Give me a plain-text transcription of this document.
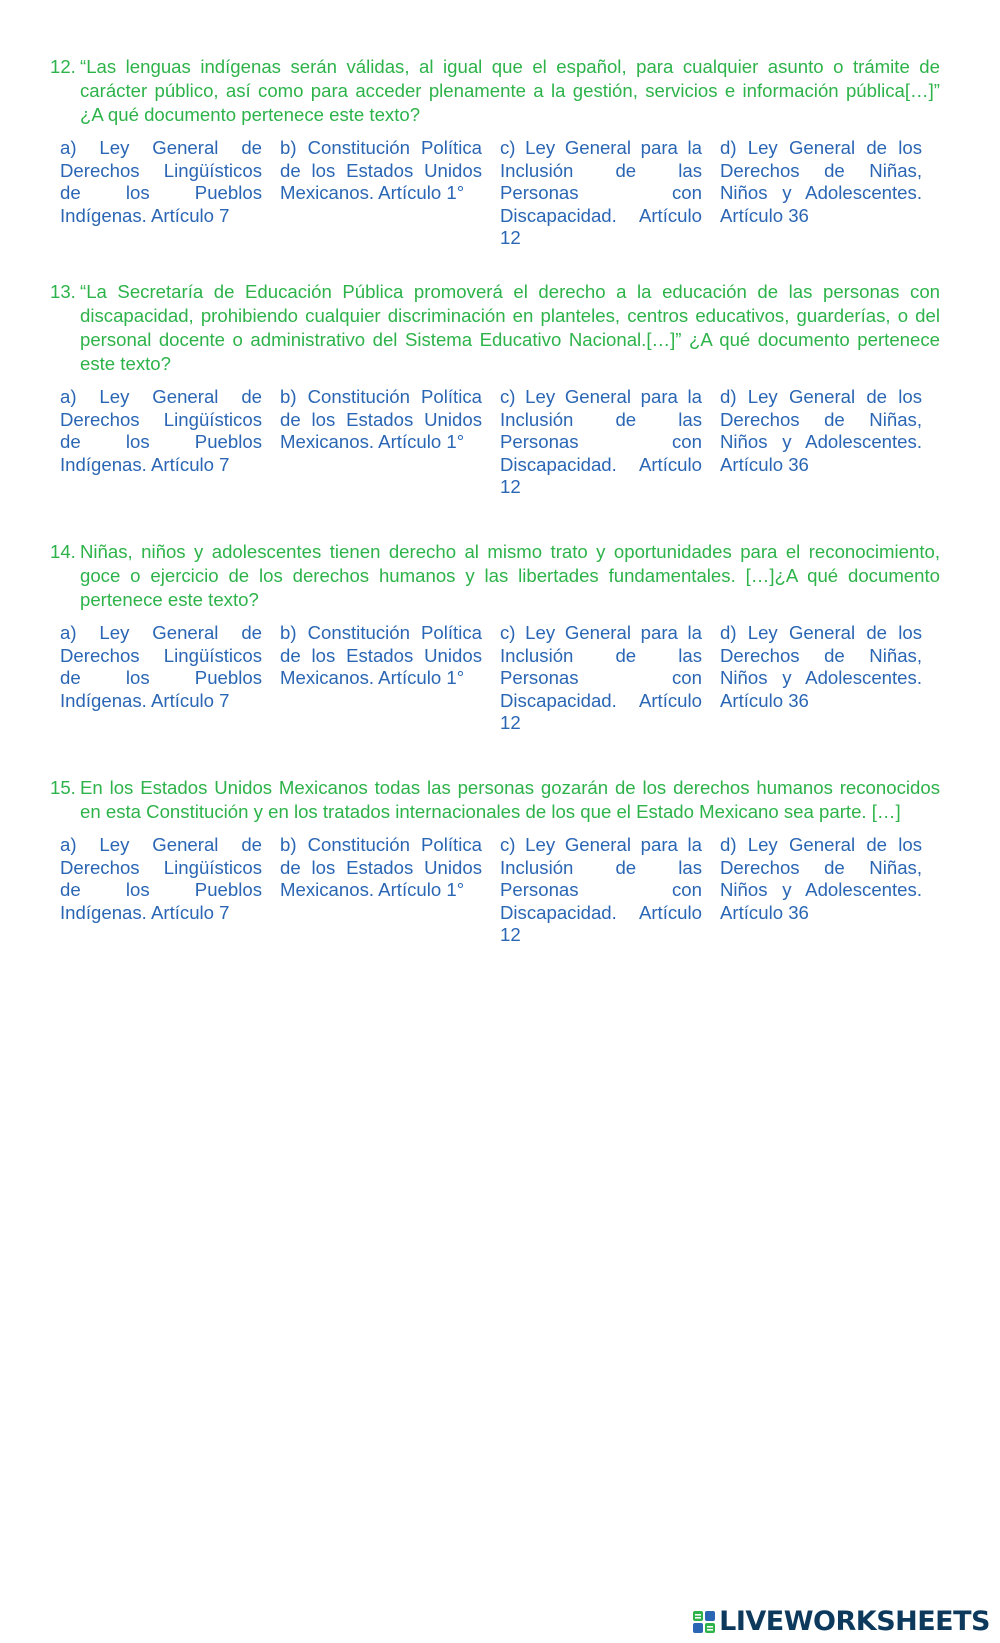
12. “Las lenguas indígenas serán válidas, al igual que el español, para cualquier asunto o trámite de carácter público, así como para acceder plenamente a la gestión, servicios e información pública[…]” ¿A qué documento pertenece este texto?
a) Ley General de Derechos Lingüísticos de los Pueblos Indígenas. Artículo 7
b) Constitución Política de los Estados Unidos Mexicanos. Artículo 1°
c) Ley General para la Inclusión de las Personas con Discapacidad. Artículo 12
d) Ley General de los Derechos de Niñas, Niños y Adolescentes. Artículo 36
13. “La Secretaría de Educación Pública promoverá el derecho a la educación de las personas con discapacidad, prohibiendo cualquier discriminación en planteles, centros educativos, guarderías, o del personal docente o administrativo del Sistema Educativo Nacional.[…]” ¿A qué documento pertenece este texto?
a) Ley General de Derechos Lingüísticos de los Pueblos Indígenas. Artículo 7
b) Constitución Política de los Estados Unidos Mexicanos. Artículo 1°
c) Ley General para la Inclusión de las Personas con Discapacidad. Artículo 12
d) Ley General de los Derechos de Niñas, Niños y Adolescentes. Artículo 36
14. Niñas, niños y adolescentes tienen derecho al mismo trato y oportunidades para el reconocimiento, goce o ejercicio de los derechos humanos y las libertades fundamentales. […]¿A qué documento pertenece este texto?
a) Ley General de Derechos Lingüísticos de los Pueblos Indígenas. Artículo 7
b) Constitución Política de los Estados Unidos Mexicanos. Artículo 1°
c) Ley General para la Inclusión de las Personas con Discapacidad. Artículo 12
d) Ley General de los Derechos de Niñas, Niños y Adolescentes. Artículo 36
15. En los Estados Unidos Mexicanos todas las personas gozarán de los derechos humanos reconocidos en esta Constitución y en los tratados internacionales de los que el Estado Mexicano sea parte. […]
a) Ley General de Derechos Lingüísticos de los Pueblos Indígenas. Artículo 7
b) Constitución Política de los Estados Unidos Mexicanos. Artículo 1°
c) Ley General para la Inclusión de las Personas con Discapacidad. Artículo 12
d) Ley General de los Derechos de Niñas, Niños y Adolescentes. Artículo 36
LIVEWORKSHEETS
